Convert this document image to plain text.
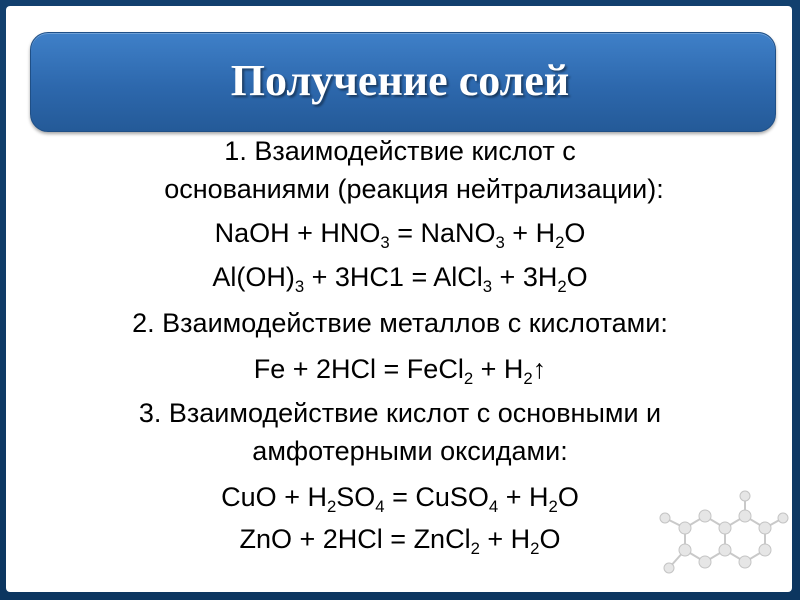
Получение солей
1. Взаимодействие кислот с
основаниями (реакция нейтрализации):
NaOH + $HNO_3$ = NaNO$_3$ + $H_2O$
$Al(OH)_3 + 3HC1$ = AlCl$_3$ + $3H_2O$
2. Взаимодействие металлов с кислотами:
Fe + 2HCl = FeCl$_2$ + $H_2↑$
3. Взаимодействие кислот с основными и
амфотерными оксидами:
CuO + $H_2SO_4$ = CuSO$_4$ + $H_2O$
ZnO + 2HCl = ZnCl$_2$ + $H_2O$
